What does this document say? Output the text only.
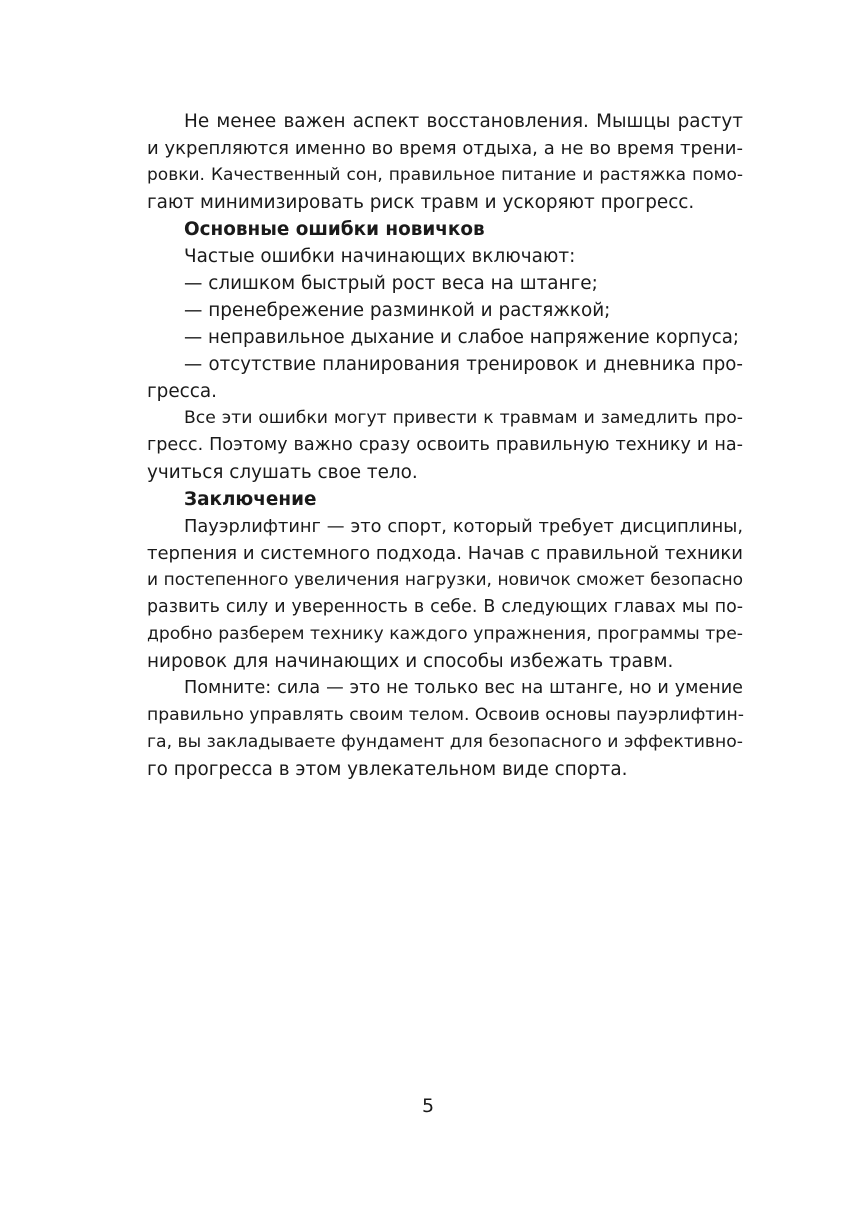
Не менее важен аспект восстановления. Мышцы растут
и укрепляются именно во время отдыха, а не во время трени-
ровки. Качественный сон, правильное питание и растяжка помо-
гают минимизировать риск травм и ускоряют прогресс.
Основные ошибки новичков
Частые ошибки начинающих включают:
— слишком быстрый рост веса на штанге;
— пренебрежение разминкой и растяжкой;
— неправильное дыхание и слабое напряжение корпуса;
— отсутствие планирования тренировок и дневника про-
гресса.
Все эти ошибки могут привести к травмам и замедлить про-
гресс. Поэтому важно сразу освоить правильную технику и на-
учиться слушать свое тело.
Заключение
Пауэрлифтинг — это спорт, который требует дисциплины,
терпения и системного подхода. Начав с правильной техники
и постепенного увеличения нагрузки, новичок сможет безопасно
развить силу и уверенность в себе. В следующих главах мы по-
дробно разберем технику каждого упражнения, программы тре-
нировок для начинающих и способы избежать травм.
Помните: сила — это не только вес на штанге, но и умение
правильно управлять своим телом. Освоив основы пауэрлифтин-
га, вы закладываете фундамент для безопасного и эффективно-
го прогресса в этом увлекательном виде спорта.
5
